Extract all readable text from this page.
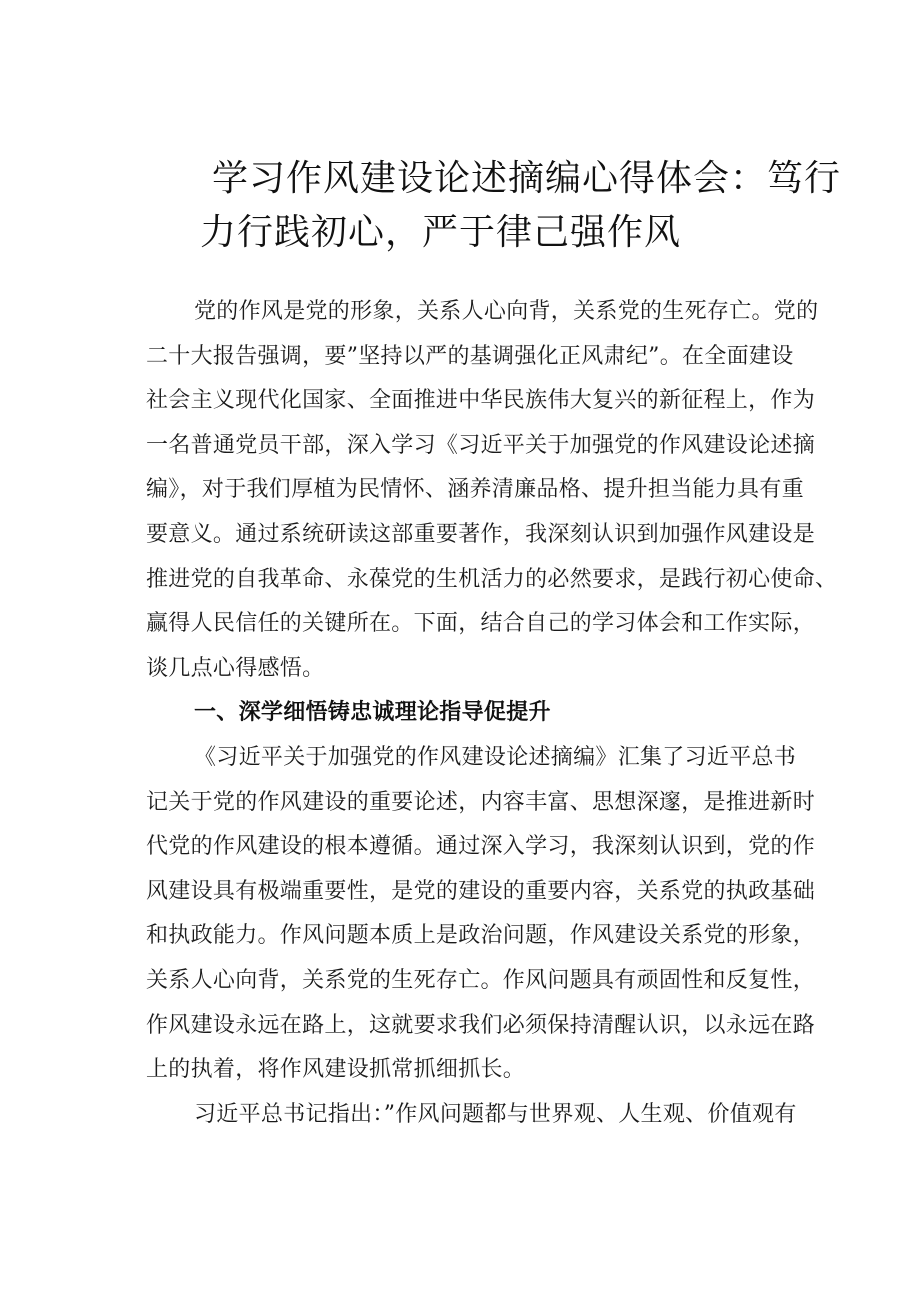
学习作风建设论述摘编心得体会：笃行
力行践初心，严于律己强作风
党的作风是党的形象，关系人心向背，关系党的生死存亡。党的
二十大报告强调，要”坚持以严的基调强化正风肃纪”。在全面建设
社会主义现代化国家、全面推进中华民族伟大复兴的新征程上，作为
一名普通党员干部，深入学习《习近平关于加强党的作风建设论述摘
编》，对于我们厚植为民情怀、涵养清廉品格、提升担当能力具有重
要意义。通过系统研读这部重要著作，我深刻认识到加强作风建设是
推进党的自我革命、永葆党的生机活力的必然要求，是践行初心使命、
赢得人民信任的关键所在。下面，结合自己的学习体会和工作实际，
谈几点心得感悟。
一、深学细悟铸忠诚理论指导促提升
《习近平关于加强党的作风建设论述摘编》汇集了习近平总书
记关于党的作风建设的重要论述，内容丰富、思想深邃，是推进新时
代党的作风建设的根本遵循。通过深入学习，我深刻认识到，党的作
风建设具有极端重要性，是党的建设的重要内容，关系党的执政基础
和执政能力。作风问题本质上是政治问题，作风建设关系党的形象，
关系人心向背，关系党的生死存亡。作风问题具有顽固性和反复性，
作风建设永远在路上，这就要求我们必须保持清醒认识，以永远在路
上的执着，将作风建设抓常抓细抓长。
习近平总书记指出：”作风问题都与世界观、人生观、价值观有
